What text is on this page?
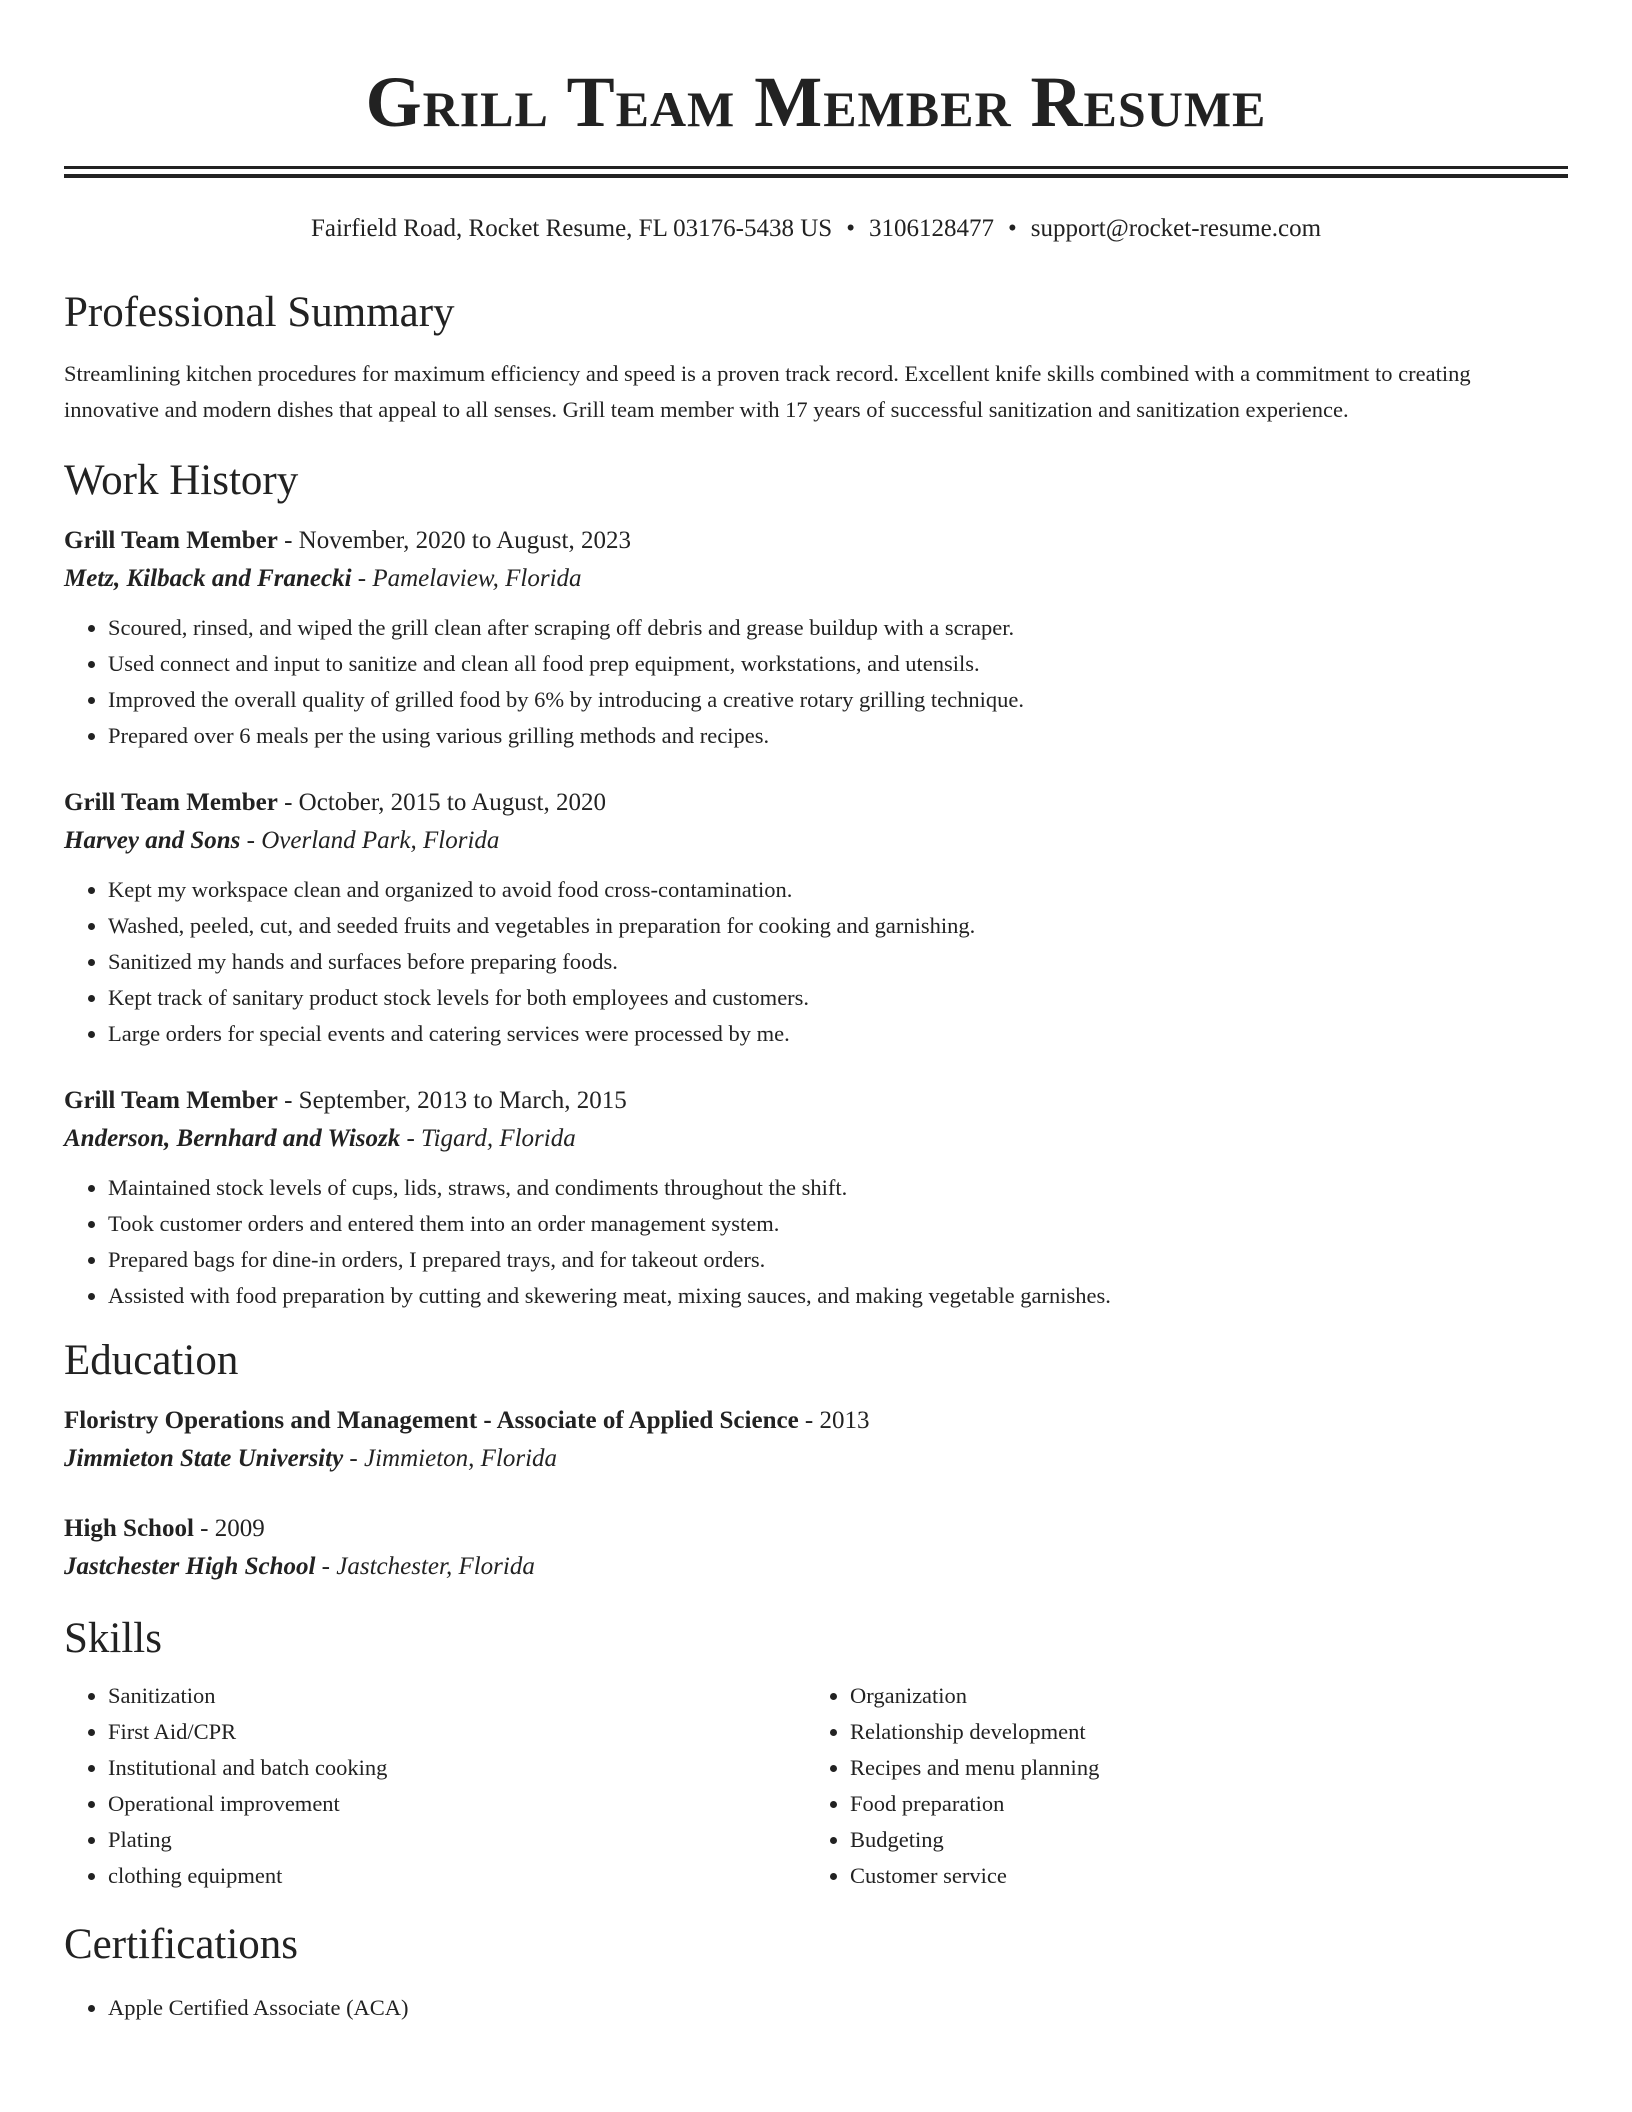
Grill Team Member Resume
Fairfield Road, Rocket Resume, FL 03176-5438 US • 3106128477 • support@rocket-resume.com
Professional Summary

Streamlining kitchen procedures for maximum efficiency and speed is a proven track record. Excellent knife skills combined with a commitment to creating innovative and modern dishes that appeal to all senses. Grill team member with 17 years of successful sanitization and sanitization experience.

Work History
Grill Team Member - November, 2020 to August, 2023
Metz, Kilback and Franecki - Pamelaview, Florida
• Scoured, rinsed, and wiped the grill clean after scraping off debris and grease buildup with a scraper.
• Used connect and input to sanitize and clean all food prep equipment, workstations, and utensils.
• Improved the overall quality of grilled food by 6% by introducing a creative rotary grilling technique.
• Prepared over 6 meals per the using various grilling methods and recipes.
Grill Team Member - October, 2015 to August, 2020
Harvey and Sons - Overland Park, Florida
• Kept my workspace clean and organized to avoid food cross-contamination.
• Washed, peeled, cut, and seeded fruits and vegetables in preparation for cooking and garnishing.
• Sanitized my hands and surfaces before preparing foods.
• Kept track of sanitary product stock levels for both employees and customers.
• Large orders for special events and catering services were processed by me.
Grill Team Member - September, 2013 to March, 2015
Anderson, Bernhard and Wisozk - Tigard, Florida
• Maintained stock levels of cups, lids, straws, and condiments throughout the shift.
• Took customer orders and entered them into an order management system.
• Prepared bags for dine-in orders, I prepared trays, and for takeout orders.
• Assisted with food preparation by cutting and skewering meat, mixing sauces, and making vegetable garnishes.
Education
Floristry Operations and Management - Associate of Applied Science - 2013
Jimmieton State University - Jimmieton, Florida
High School - 2009
Jastchester High School - Jastchester, Florida
Skills
• Sanitization
• First Aid/CPR
• Institutional and batch cooking
• Operational improvement
• Plating
• clothing equipment
• Organization
• Relationship development
• Recipes and menu planning
• Food preparation
• Budgeting
• Customer service
Certifications
• Apple Certified Associate (ACA)
